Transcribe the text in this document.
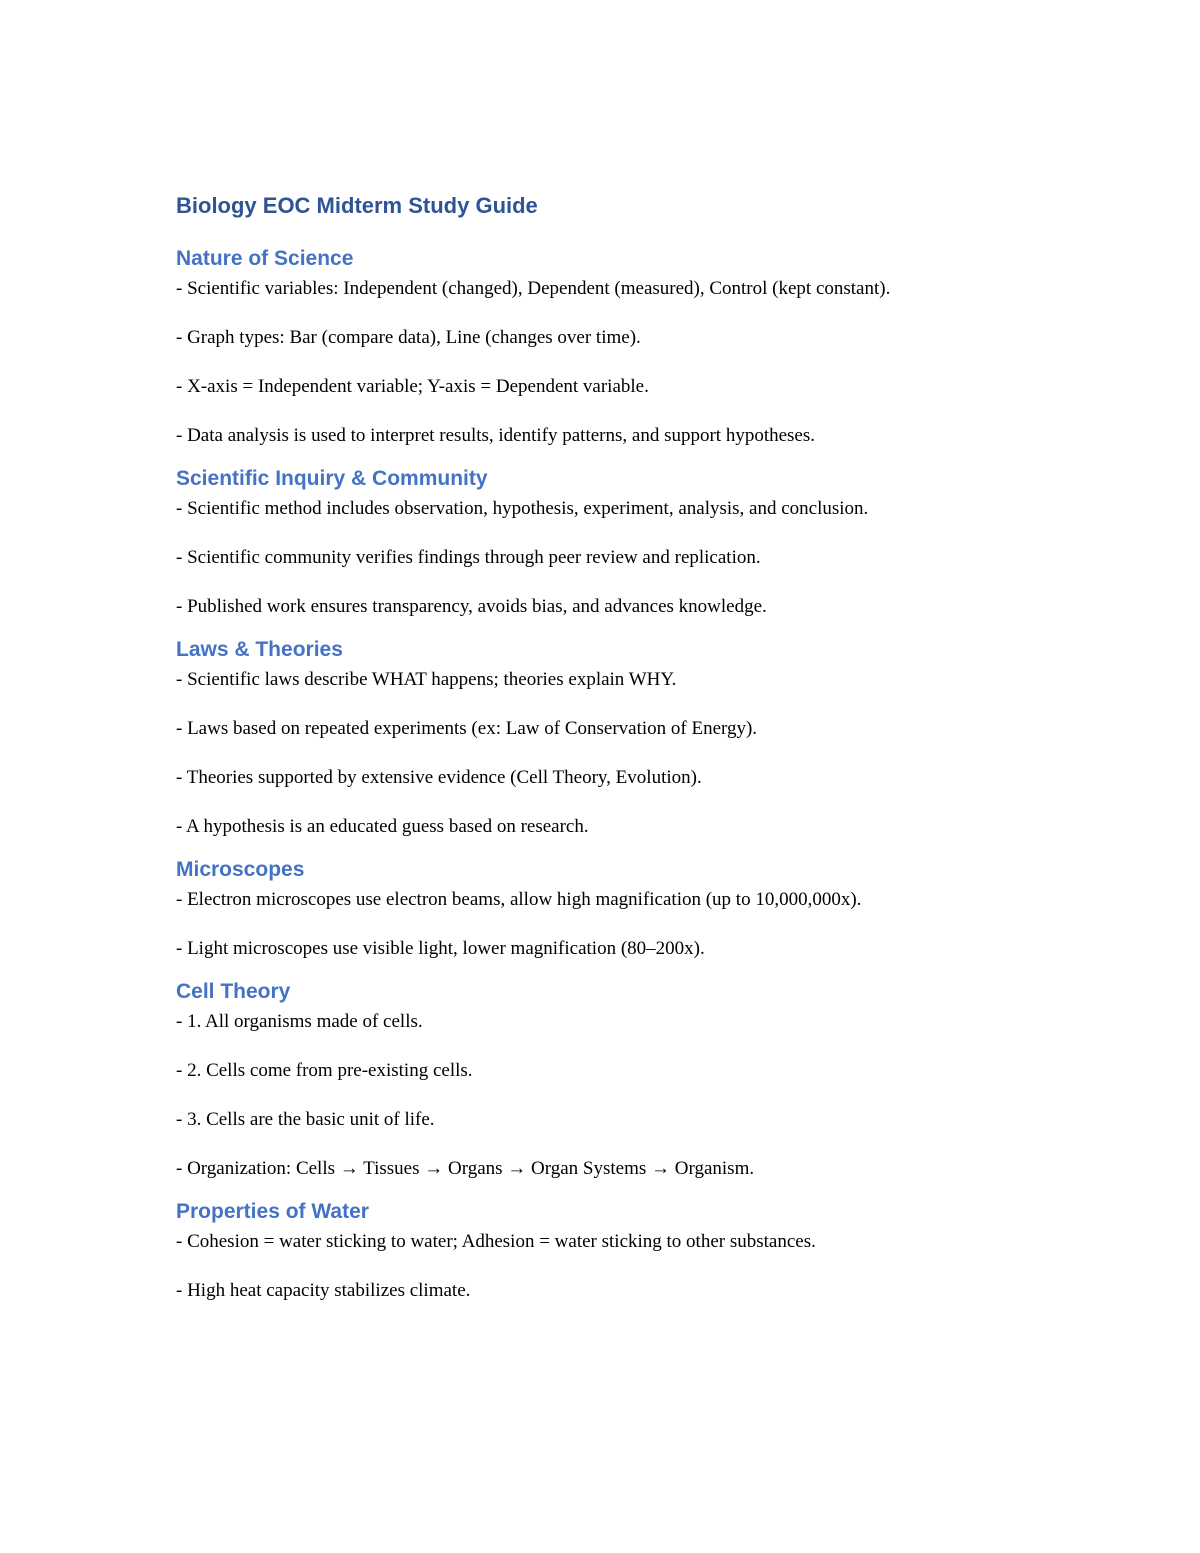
Biology EOC Midterm Study Guide
Nature of Science

- Scientific variables: Independent (changed), Dependent (measured), Control (kept constant).

- Graph types: Bar (compare data), Line (changes over time).

- X-axis = Independent variable; Y-axis = Dependent variable.

- Data analysis is used to interpret results, identify patterns, and support hypotheses.

Scientific Inquiry & Community

- Scientific method includes observation, hypothesis, experiment, analysis, and conclusion.

- Scientific community verifies findings through peer review and replication.

- Published work ensures transparency, avoids bias, and advances knowledge.

Laws & Theories

- Scientific laws describe WHAT happens; theories explain WHY.

- Laws based on repeated experiments (ex: Law of Conservation of Energy).

- Theories supported by extensive evidence (Cell Theory, Evolution).

- A hypothesis is an educated guess based on research.

Microscopes

- Electron microscopes use electron beams, allow high magnification (up to 10,000,000x).

- Light microscopes use visible light, lower magnification (80–200x).

Cell Theory

- 1. All organisms made of cells.

- 2. Cells come from pre-existing cells.

- 3. Cells are the basic unit of life.

- Organization: Cells → Tissues → Organs → Organ Systems → Organism.

Properties of Water

- Cohesion = water sticking to water; Adhesion = water sticking to other substances.

- High heat capacity stabilizes climate.
